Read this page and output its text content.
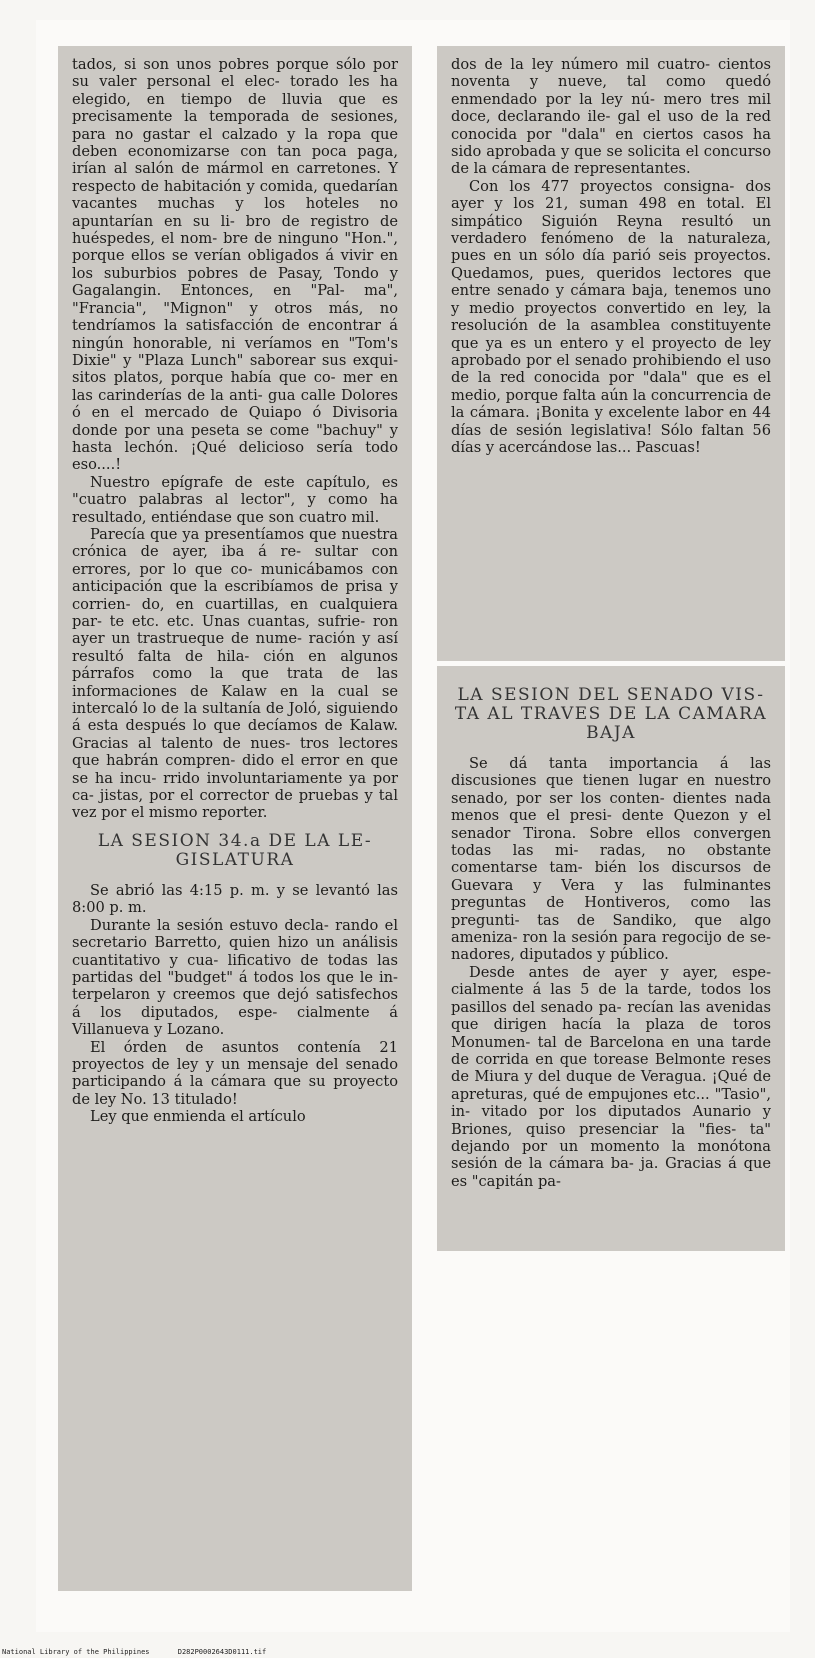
tados, si son unos pobres porque sólo por su valer personal el elec- torado les ha elegido, en tiempo de lluvia que es precisamente la temporada de sesiones, para no gastar el calzado y la ropa que deben economizarse con tan poca paga, irían al salón de mármol en carretones. Y respecto de habitación y comida, quedarían vacantes muchas y los hoteles no apuntarían en su li- bro de registro de huéspedes, el nom- bre de ninguno "Hon.", porque ellos se verían obligados á vivir en los suburbios pobres de Pasay, Tondo y Gagalangin. Entonces, en "Pal- ma", "Francia", "Mignon" y otros más, no tendríamos la satisfacción de encontrar á ningún honorable, ni veríamos en "Tom's Dixie" y "Plaza Lunch" saborear sus exqui- sitos platos, porque había que co- mer en las carinderías de la anti- gua calle Dolores ó en el mercado de Quiapo ó Divisoria donde por una peseta se come "bachuy" y hasta lechón. ¡Qué delicioso sería todo eso....!

Nuestro epígrafe de este capítulo, es "cuatro palabras al lector", y como ha resultado, entiéndase que son cuatro mil.

Parecía que ya presentíamos que nuestra crónica de ayer, iba á re- sultar con errores, por lo que co- municábamos con anticipación que la escribíamos de prisa y corrien- do, en cuartillas, en cualquiera par- te etc. etc. Unas cuantas, sufrie- ron ayer un trastrueque de nume- ración y así resultó falta de hila- ción en algunos párrafos como la que trata de las informaciones de Kalaw en la cual se intercaló lo de la sultanía de Joló, siguiendo á esta después lo que decíamos de Kalaw. Gracias al talento de nues- tros lectores que habrán compren- dido el error en que se ha incu- rrido involuntariamente ya por ca- jistas, por el corrector de pruebas y tal vez por el mismo reporter.

LA SESION 34.a DE LA LE- GISLATURA

Se abrió las 4:15 p. m. y se levantó las 8:00 p. m.

Durante la sesión estuvo decla- rando el secretario Barretto, quien hizo un análisis cuantitativo y cua- lificativo de todas las partidas del "budget" á todos los que le in- terpelaron y creemos que dejó satisfechos á los diputados, espe- cialmente á Villanueva y Lozano.

El órden de asuntos contenía 21 proyectos de ley y un mensaje del senado participando á la cámara que su proyecto de ley No. 13 titulado!

Ley que enmienda el artículo

dos de la ley número mil cuatro- cientos noventa y nueve, tal como quedó enmendado por la ley nú- mero tres mil doce, declarando ile- gal el uso de la red conocida por "dala" en ciertos casos ha sido aprobada y que se solicita el concurso de la cámara de representantes.

Con los 477 proyectos consigna- dos ayer y los 21, suman 498 en total. El simpático Siguión Reyna resultó un verdadero fenómeno de la naturaleza, pues en un sólo día parió seis proyectos. Quedamos, pues, queridos lectores que entre senado y cámara baja, tenemos uno y medio proyectos convertido en ley, la resolución de la asamblea constituyente que ya es un entero y el proyecto de ley aprobado por el senado prohibiendo el uso de la red conocida por "dala" que es el medio, porque falta aún la concurrencia de la cámara. ¡Bonita y excelente labor en 44 días de sesión legislativa! Sólo faltan 56 días y acercándose las... Pascuas!

LA SESION DEL SENADO VIS- TA AL TRAVES DE LA CAMARA BAJA

Se dá tanta importancia á las discusiones que tienen lugar en nuestro senado, por ser los conten- dientes nada menos que el presi- dente Quezon y el senador Tirona. Sobre ellos convergen todas las mi- radas, no obstante comentarse tam- bién los discursos de Guevara y Vera y las fulminantes preguntas de Hontiveros, como las pregunti- tas de Sandiko, que algo ameniza- ron la sesión para regocijo de se- nadores, diputados y público.

Desde antes de ayer y ayer, espe- cialmente á las 5 de la tarde, todos los pasillos del senado pa- recían las avenidas que dirigen hacía la plaza de toros Monumen- tal de Barcelona en una tarde de corrida en que torease Belmonte reses de Miura y del duque de Veragua. ¡Qué de apreturas, qué de empujones etc... "Tasio", in- vitado por los diputados Aunario y Briones, quiso presenciar la "fies- ta" dejando por un momento la monótona sesión de la cámara ba- ja. Gracias á que es "capitán pa-

National Library of the Philippines	D282P0002643D0111.tif
